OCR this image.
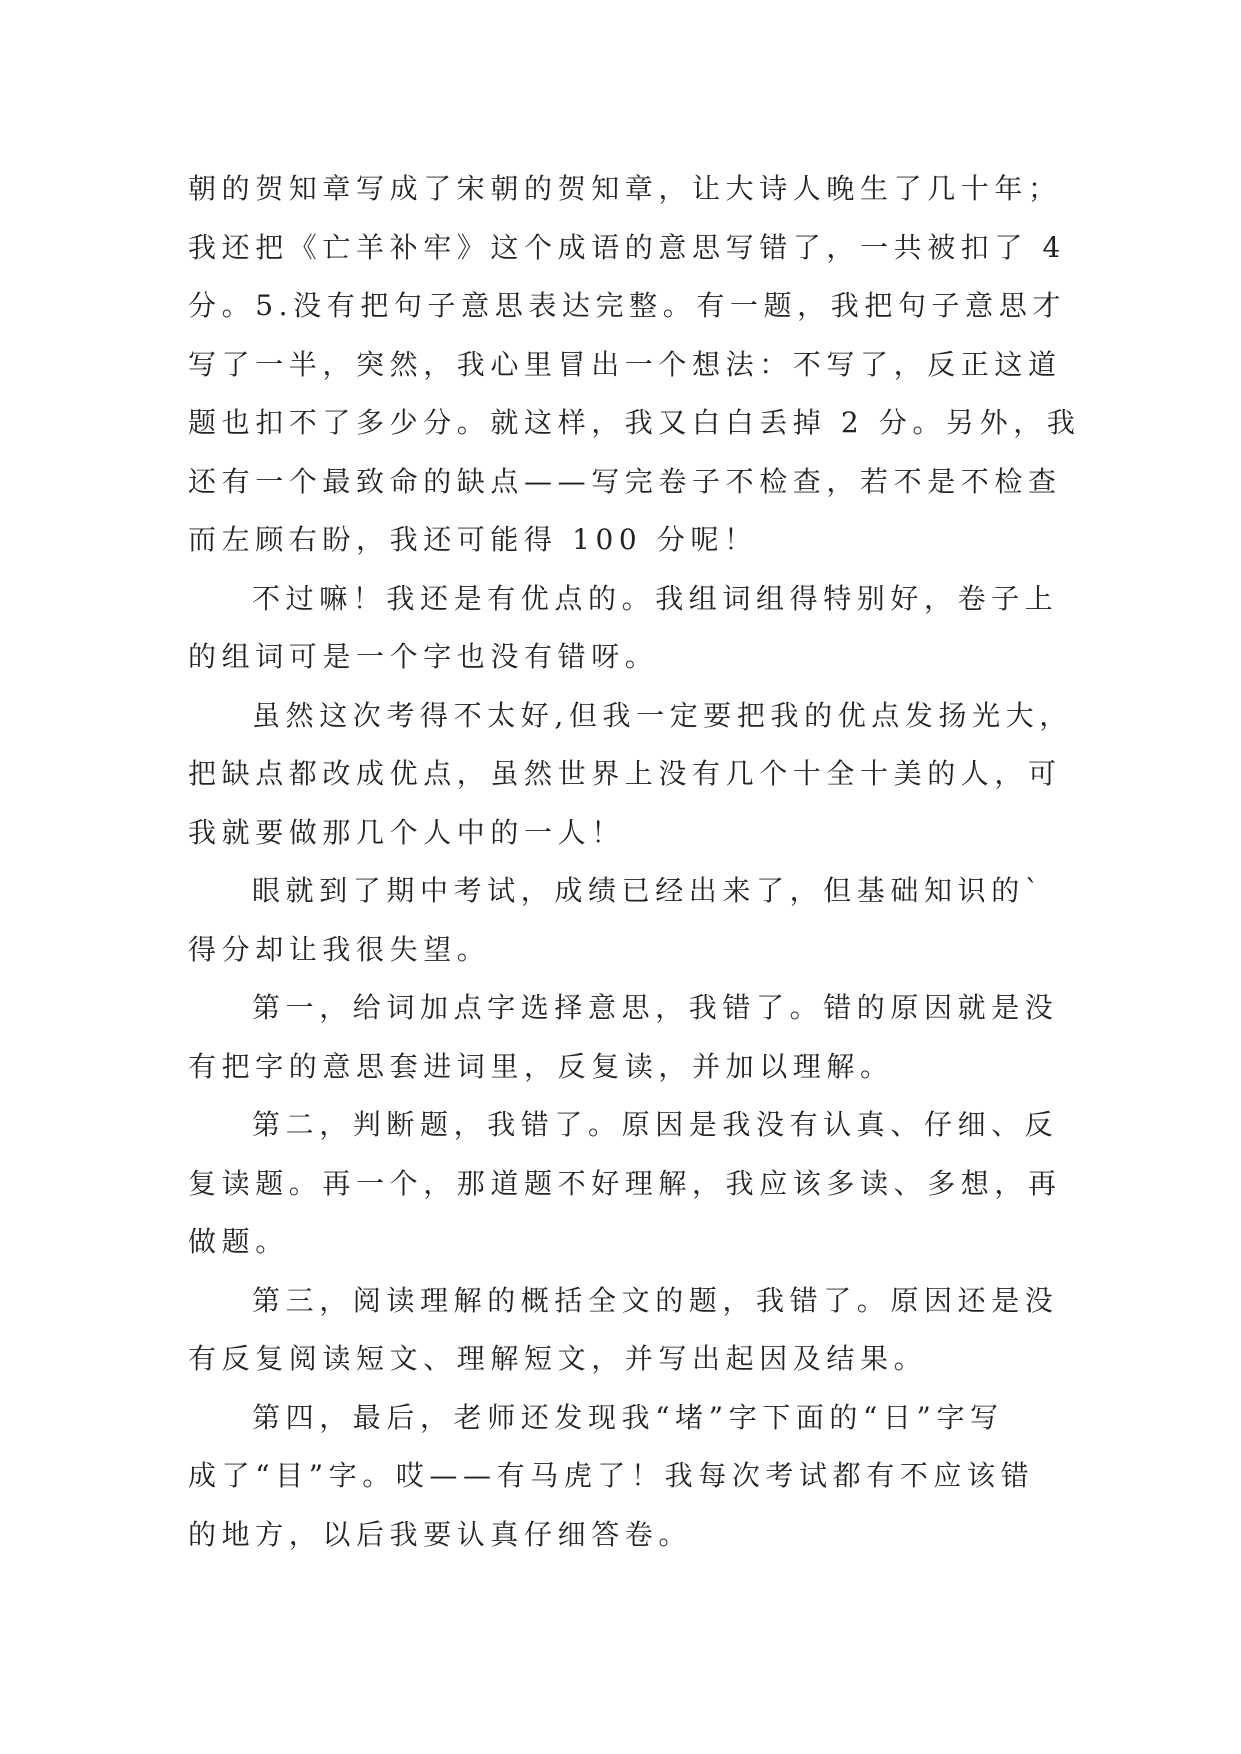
朝的贺知章写成了宋朝的贺知章，让大诗人晚生了几十年；
我还把《亡羊补牢》这个成语的意思写错了，一共被扣了 4
分。5.没有把句子意思表达完整。有一题，我把句子意思才
写了一半，突然，我心里冒出一个想法：不写了，反正这道
题也扣不了多少分。就这样，我又白白丢掉 2 分。另外，我
还有一个最致命的缺点——写完卷子不检查，若不是不检查
而左顾右盼，我还可能得 100 分呢！

不过嘛！我还是有优点的。我组词组得特别好，卷子上
的组词可是一个字也没有错呀。

虽然这次考得不太好,但我一定要把我的优点发扬光大，
把缺点都改成优点，虽然世界上没有几个十全十美的人，可
我就要做那几个人中的一人！

眼就到了期中考试，成绩已经出来了，但基础知识的`
得分却让我很失望。

第一，给词加点字选择意思，我错了。错的原因就是没
有把字的意思套进词里，反复读，并加以理解。

第二，判断题，我错了。原因是我没有认真、仔细、反
复读题。再一个，那道题不好理解，我应该多读、多想，再
做题。

第三，阅读理解的概括全文的题，我错了。原因还是没
有反复阅读短文、理解短文，并写出起因及结果。

第四，最后，老师还发现我“堵”字下面的“日”字写
成了“目”字。哎——有马虎了！我每次考试都有不应该错
的地方，以后我要认真仔细答卷。
